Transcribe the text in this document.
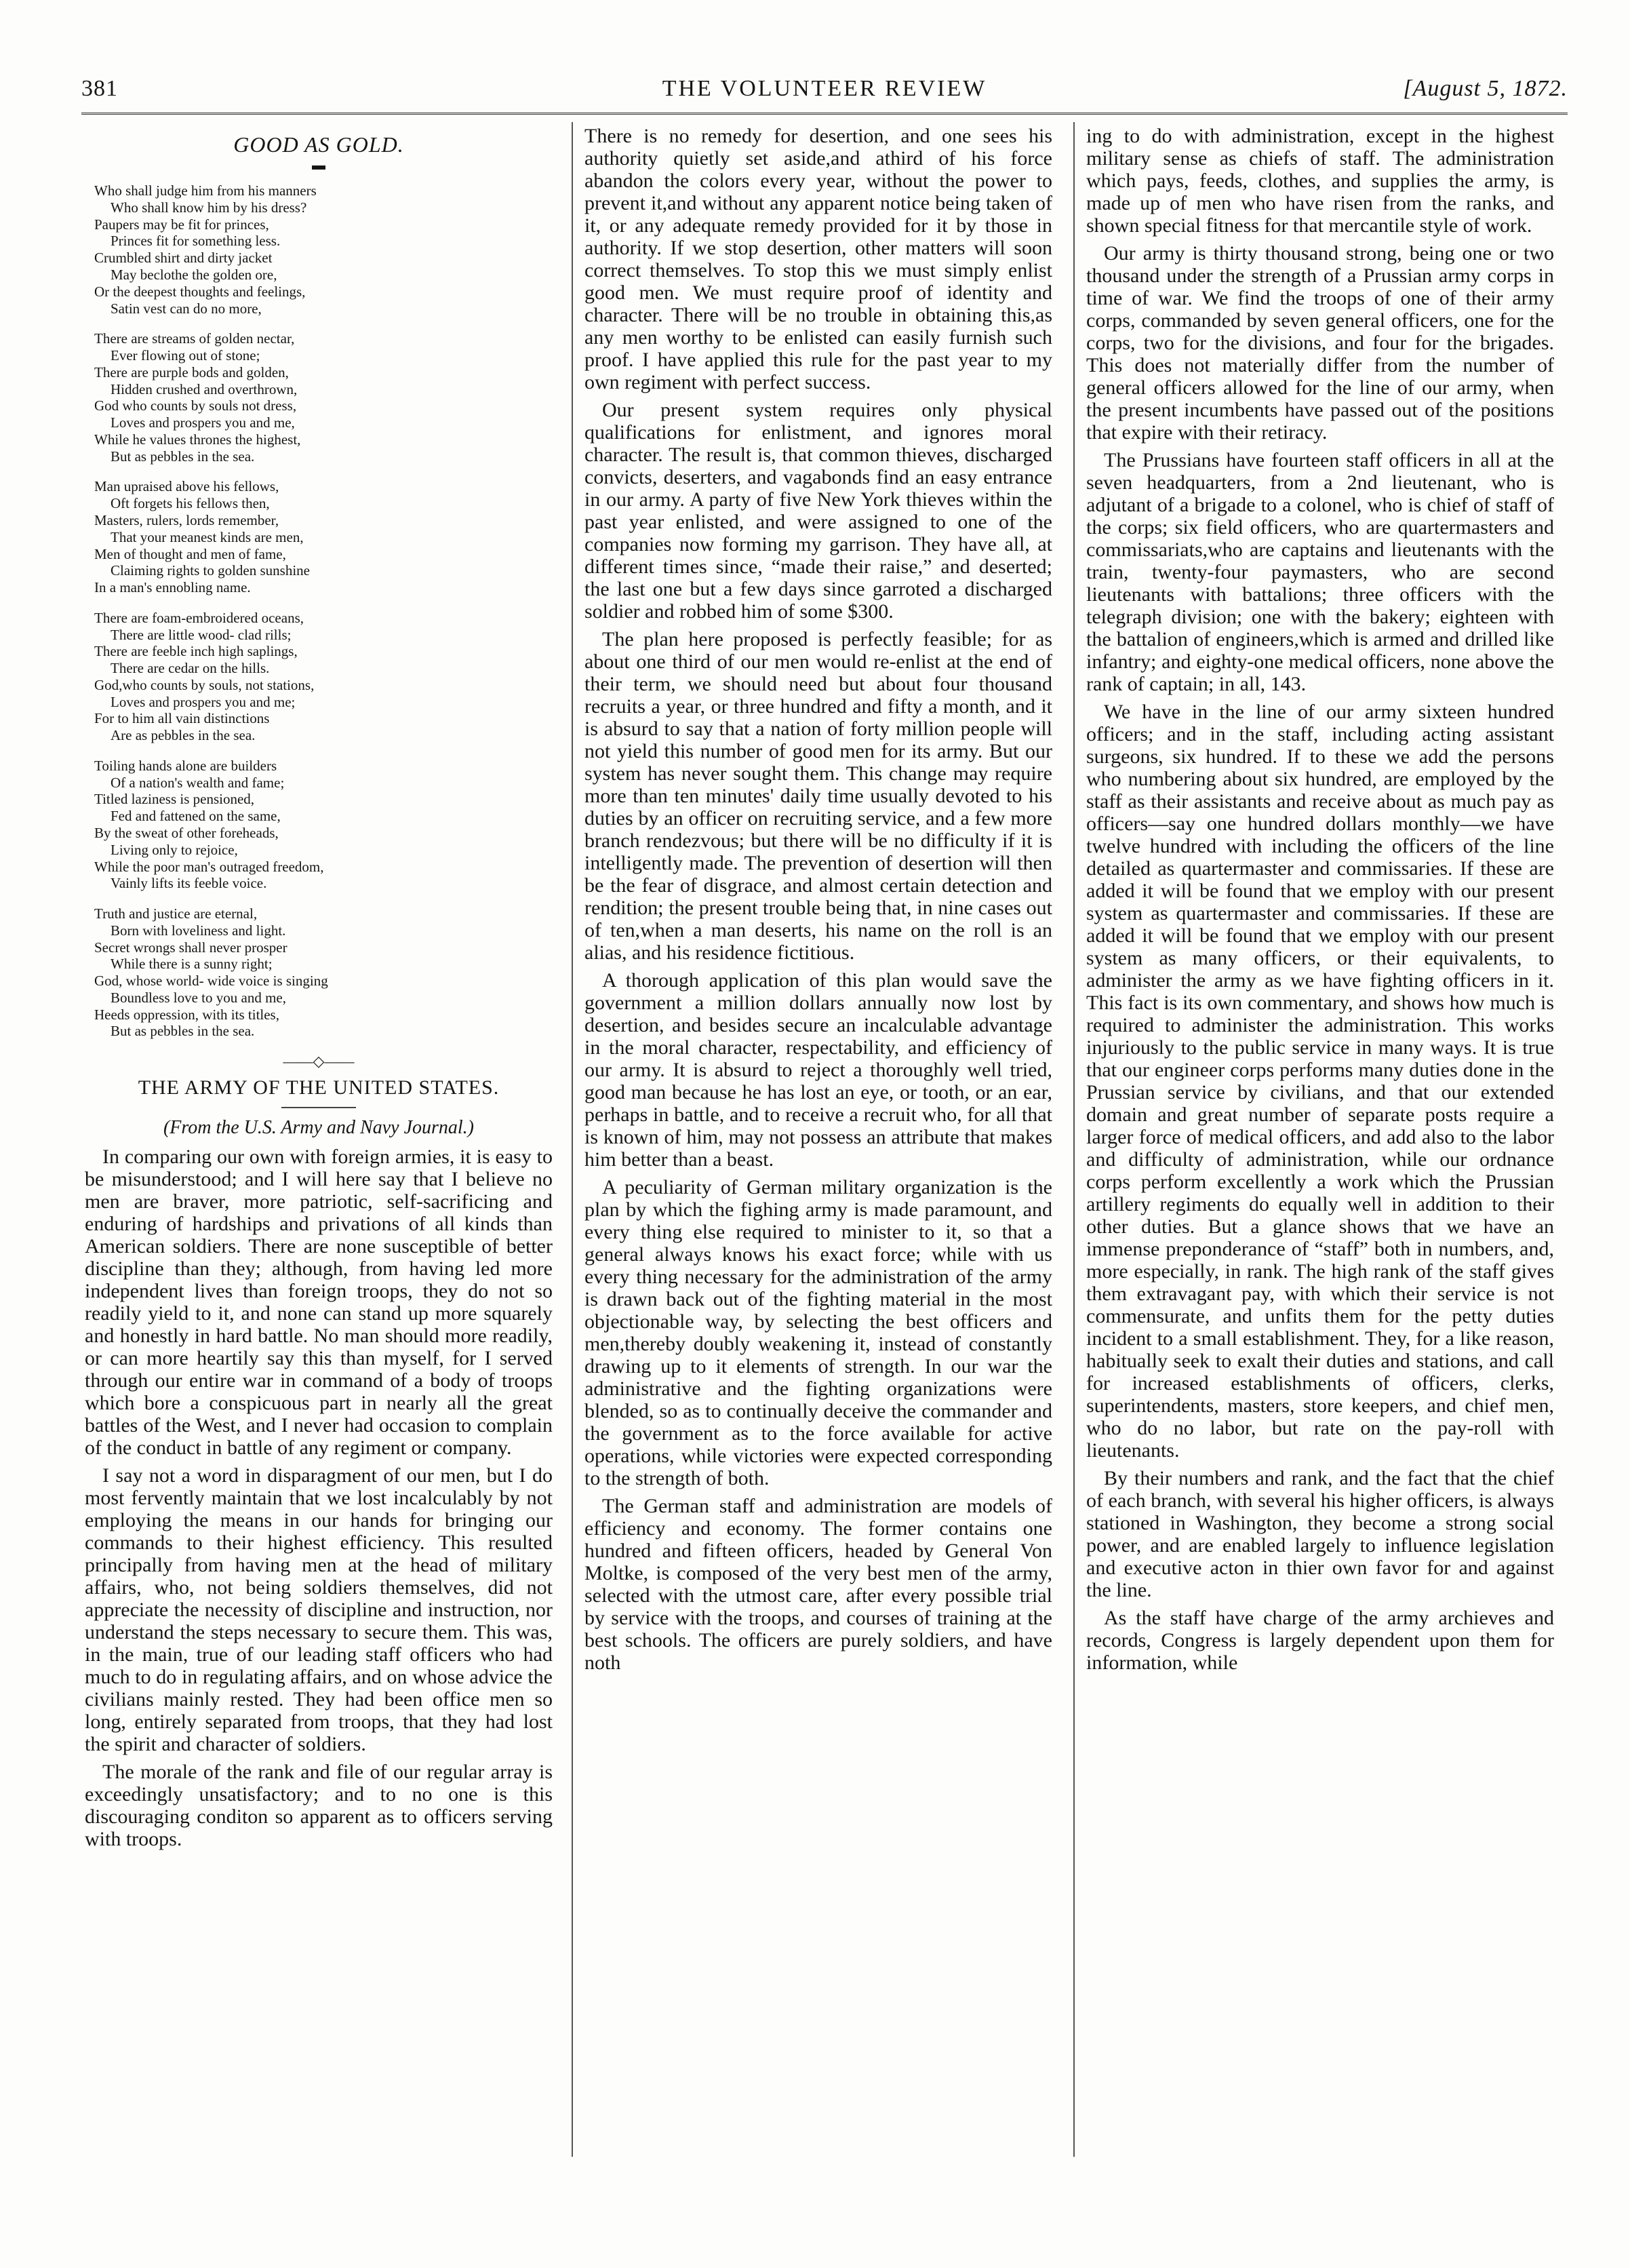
381	THE VOLUNTEER REVIEW	[August 5, 1872.
GOOD AS GOLD.
▬
Who shall judge him from his manners
Who shall know him by his dress?
Paupers may be fit for princes,
Princes fit for something less.
Crumbled shirt and dirty jacket
May beclothe the golden ore,
Or the deepest thoughts and feelings,
Satin vest can do no more,
There are streams of golden nectar,
Ever flowing out of stone;
There are purple bods and golden,
Hidden crushed and overthrown,
God who counts by souls not dress,
Loves and prospers you and me,
While he values thrones the highest,
But as pebbles in the sea.
Man upraised above his fellows,
Oft forgets his fellows then,
Masters, rulers, lords remember,
That your meanest kinds are men,
Men of thought and men of fame,
Claiming rights to golden sunshine
In a man's ennobling name.
There are foam-embroidered oceans,
There are little wood- clad rills;
There are feeble inch high saplings,
There are cedar on the hills.
God,who counts by souls, not stations,
Loves and prospers you and me;
For to him all vain distinctions
Are as pebbles in the sea.
Toiling hands alone are builders
Of a nation's wealth and fame;
Titled laziness is pensioned,
Fed and fattened on the same,
By the sweat of other foreheads,
Living only to rejoice,
While the poor man's outraged freedom,
Vainly lifts its feeble voice.
Truth and justice are eternal,
Born with loveliness and light.
Secret wrongs shall never prosper
While there is a sunny right;
God, whose world- wide voice is singing
Boundless love to you and me,
Heeds oppression, with its titles,
But as pebbles in the sea.
——◇——
THE ARMY OF THE UNITED STATES.
(From the U.S. Army and Navy Journal.)

In comparing our own with foreign armies, it is easy to be misunderstood; and I will here say that I believe no men are braver, more patriotic, self-sacrificing and enduring of hardships and privations of all kinds than American soldiers. There are none susceptible of better discipline than they; although, from having led more independent lives than foreign troops, they do not so readily yield to it, and none can stand up more squarely and honestly in hard battle. No man should more readily, or can more heartily say this than myself, for I served through our entire war in command of a body of troops which bore a conspicuous part in nearly all the great battles of the West, and I never had occasion to complain of the conduct in battle of any regiment or company.

I say not a word in disparagment of our men, but I do most fervently maintain that we lost incalculably by not employing the means in our hands for bringing our commands to their highest efficiency. This resulted principally from having men at the head of military affairs, who, not being soldiers themselves, did not appreciate the necessity of discipline and instruction, nor understand the steps necessary to secure them. This was, in the main, true of our leading staff officers who had much to do in regulating affairs, and on whose advice the civilians mainly rested. They had been office men so long, entirely separated from troops, that they had lost the spirit and character of soldiers.

The morale of the rank and file of our regular array is exceedingly unsatisfactory; and to no one is this discouraging conditon so apparent as to officers serving with troops.

There is no remedy for desertion, and one sees his authority quietly set aside,and athird of his force abandon the colors every year, without the power to prevent it,and without any apparent notice being taken of it, or any adequate remedy provided for it by those in authority. If we stop desertion, other matters will soon correct themselves. To stop this we must simply enlist good men. We must require proof of identity and character. There will be no trouble in obtaining this,as any men worthy to be enlisted can easily furnish such proof. I have applied this rule for the past year to my own regiment with perfect success.

Our present system requires only physical qualifications for enlistment, and ignores moral character. The result is, that common thieves, discharged convicts, deserters, and vagabonds find an easy entrance in our army. A party of five New York thieves within the past year enlisted, and were assigned to one of the companies now forming my garrison. They have all, at different times since, “made their raise,” and deserted; the last one but a few days since garroted a discharged soldier and robbed him of some $300.

The plan here proposed is perfectly feasible; for as about one third of our men would re-enlist at the end of their term, we should need but about four thousand recruits a year, or three hundred and fifty a month, and it is absurd to say that a nation of forty million people will not yield this number of good men for its army. But our system has never sought them. This change may require more than ten minutes' daily time usually devoted to his duties by an officer on recruiting service, and a few more branch rendezvous; but there will be no difficulty if it is intelligently made. The prevention of desertion will then be the fear of disgrace, and almost certain detection and rendition; the present trouble being that, in nine cases out of ten,when a man deserts, his name on the roll is an alias, and his residence fictitious.

A thorough application of this plan would save the government a million dollars annually now lost by desertion, and besides secure an incalculable advantage in the moral character, respectability, and efficiency of our army. It is absurd to reject a thoroughly well tried, good man because he has lost an eye, or tooth, or an ear, perhaps in battle, and to receive a recruit who, for all that is known of him, may not possess an attribute that makes him better than a beast.

A peculiarity of German military organization is the plan by which the fighing army is made paramount, and every thing else required to minister to it, so that a general always knows his exact force; while with us every thing necessary for the administration of the army is drawn back out of the fighting material in the most objectionable way, by selecting the best officers and men,thereby doubly weakening it, instead of constantly drawing up to it elements of strength. In our war the administrative and the fighting organizations were blended, so as to continually deceive the commander and the government as to the force available for active operations, while victories were expected corresponding to the strength of both.

The German staff and administration are models of efficiency and economy. The former contains one hundred and fifteen officers, headed by General Von Moltke, is composed of the very best men of the army, selected with the utmost care, after every possible trial by service with the troops, and courses of training at the best schools. The officers are purely soldiers, and have noth

ing to do with administration, except in the highest military sense as chiefs of staff. The administration which pays, feeds, clothes, and supplies the army, is made up of men who have risen from the ranks, and shown special fitness for that mercantile style of work.

Our army is thirty thousand strong, being one or two thousand under the strength of a Prussian army corps in time of war. We find the troops of one of their army corps, commanded by seven general officers, one for the corps, two for the divisions, and four for the brigades. This does not materially differ from the number of general officers allowed for the line of our army, when the present incumbents have passed out of the positions that expire with their retiracy.

The Prussians have fourteen staff officers in all at the seven headquarters, from a 2nd lieutenant, who is adjutant of a brigade to a colonel, who is chief of staff of the corps; six field officers, who are quartermasters and commissariats,who are captains and lieutenants with the train, twenty-four paymasters, who are second lieutenants with battalions; three officers with the telegraph division; one with the bakery; eighteen with the battalion of engineers,which is armed and drilled like infantry; and eighty-one medical officers, none above the rank of captain; in all, 143.

We have in the line of our army sixteen hundred officers; and in the staff, including acting assistant surgeons, six hundred. If to these we add the persons who numbering about six hundred, are employed by the staff as their assistants and receive about as much pay as officers—say one hundred dollars monthly—we have twelve hundred with including the officers of the line detailed as quartermaster and commissaries. If these are added it will be found that we employ with our present system as quartermaster and commissaries. If these are added it will be found that we employ with our present system as many officers, or their equivalents, to administer the army as we have fighting officers in it. This fact is its own commentary, and shows how much is required to administer the administration. This works injuriously to the public service in many ways. It is true that our engineer corps performs many duties done in the Prussian service by civilians, and that our extended domain and great number of separate posts require a larger force of medical officers, and add also to the labor and difficulty of administration, while our ordnance corps perform excellently a work which the Prussian artillery regiments do equally well in addition to their other duties. But a glance shows that we have an immense preponderance of “staff” both in numbers, and, more especially, in rank. The high rank of the staff gives them extravagant pay, with which their service is not commensurate, and unfits them for the petty duties incident to a small establishment. They, for a like reason, habitually seek to exalt their duties and stations, and call for increased establishments of officers, clerks, superintendents, masters, store keepers, and chief men, who do no labor, but rate on the pay-roll with lieutenants.

By their numbers and rank, and the fact that the chief of each branch, with several his higher officers, is always stationed in Washington, they become a strong social power, and are enabled largely to influence legislation and executive acton in thier own favor for and against the line.

As the staff have charge of the army archieves and records, Congress is largely dependent upon them for information, while
